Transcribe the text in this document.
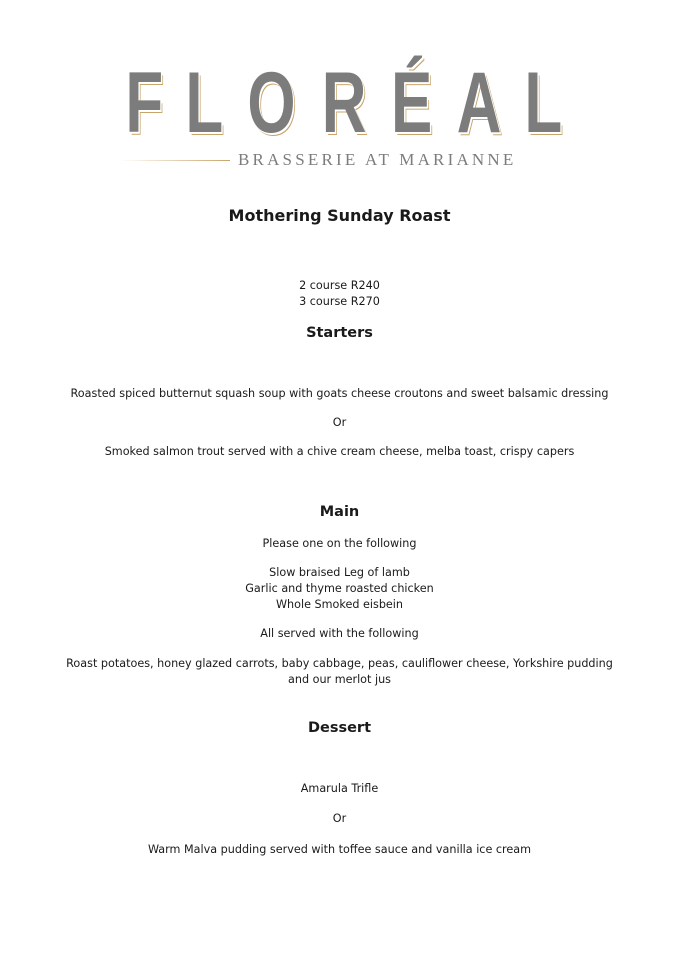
F L O R É A L
BRASSERIE AT MARIANNE
Mothering Sunday Roast
2 course R240
3 course R270
Starters
Roasted spiced butternut squash soup with goats cheese croutons and sweet balsamic dressing
Or
Smoked salmon trout served with a chive cream cheese, melba toast, crispy capers
Main
Please one on the following
Slow braised Leg of lamb
Garlic and thyme roasted chicken
Whole Smoked eisbein
All served with the following
Roast potatoes, honey glazed carrots, baby cabbage, peas, cauliflower cheese, Yorkshire pudding
and our merlot jus
Dessert
Amarula Trifle
Or
Warm Malva pudding served with toffee sauce and vanilla ice cream
